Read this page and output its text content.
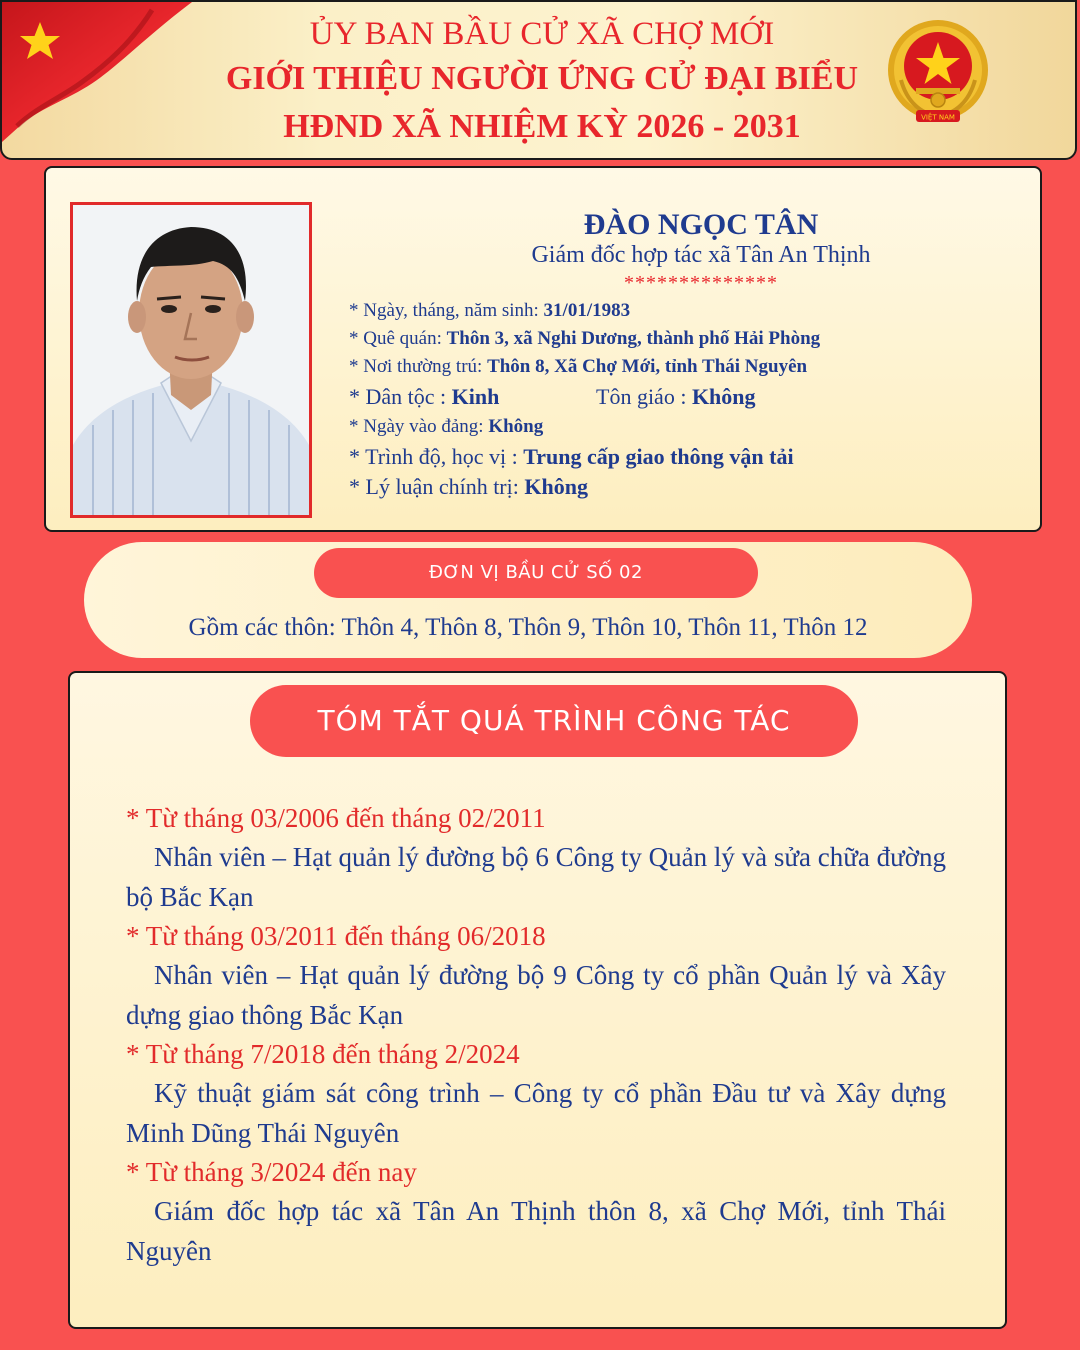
ỦY BAN BẦU CỬ XÃ CHỢ MỚI
GIỚI THIỆU NGƯỜI ỨNG CỬ ĐẠI BIỂU
HĐND XÃ NHIỆM KỲ 2026 - 2031	VIỆT NAM
ĐÀO NGỌC TÂN
Giám đốc hợp tác xã Tân An Thịnh
**************
* Ngày, tháng, năm sinh: 31/01/1983
* Quê quán: Thôn 3, xã Nghi Dương, thành phố Hải Phòng
* Nơi thường trú: Thôn 8, Xã Chợ Mới, tỉnh Thái Nguyên
* Dân tộc : Kinh	Tôn giáo : Không
* Ngày vào đảng: Không
* Trình độ, học vị : Trung cấp giao thông vận tải
* Lý luận chính trị: Không
ĐƠN VỊ BẦU CỬ SỐ 02
Gồm các thôn: Thôn 4, Thôn 8, Thôn 9, Thôn 10, Thôn 11, Thôn 12
TÓM TẮT QUÁ TRÌNH CÔNG TÁC

* Từ tháng 03/2006 đến tháng 02/2011

Nhân viên – Hạt quản lý đường bộ 6 Công ty Quản lý và sửa chữa đường bộ Bắc Kạn

* Từ tháng 03/2011 đến tháng 06/2018

Nhân viên – Hạt quản lý đường bộ 9 Công ty cổ phần Quản lý và Xây dựng giao thông Bắc Kạn

* Từ tháng 7/2018 đến tháng 2/2024

Kỹ thuật giám sát công trình – Công ty cổ phần Đầu tư và Xây dựng Minh Dũng Thái Nguyên

* Từ tháng 3/2024 đến nay

Giám đốc hợp tác xã Tân An Thịnh thôn 8, xã Chợ Mới, tỉnh Thái Nguyên
